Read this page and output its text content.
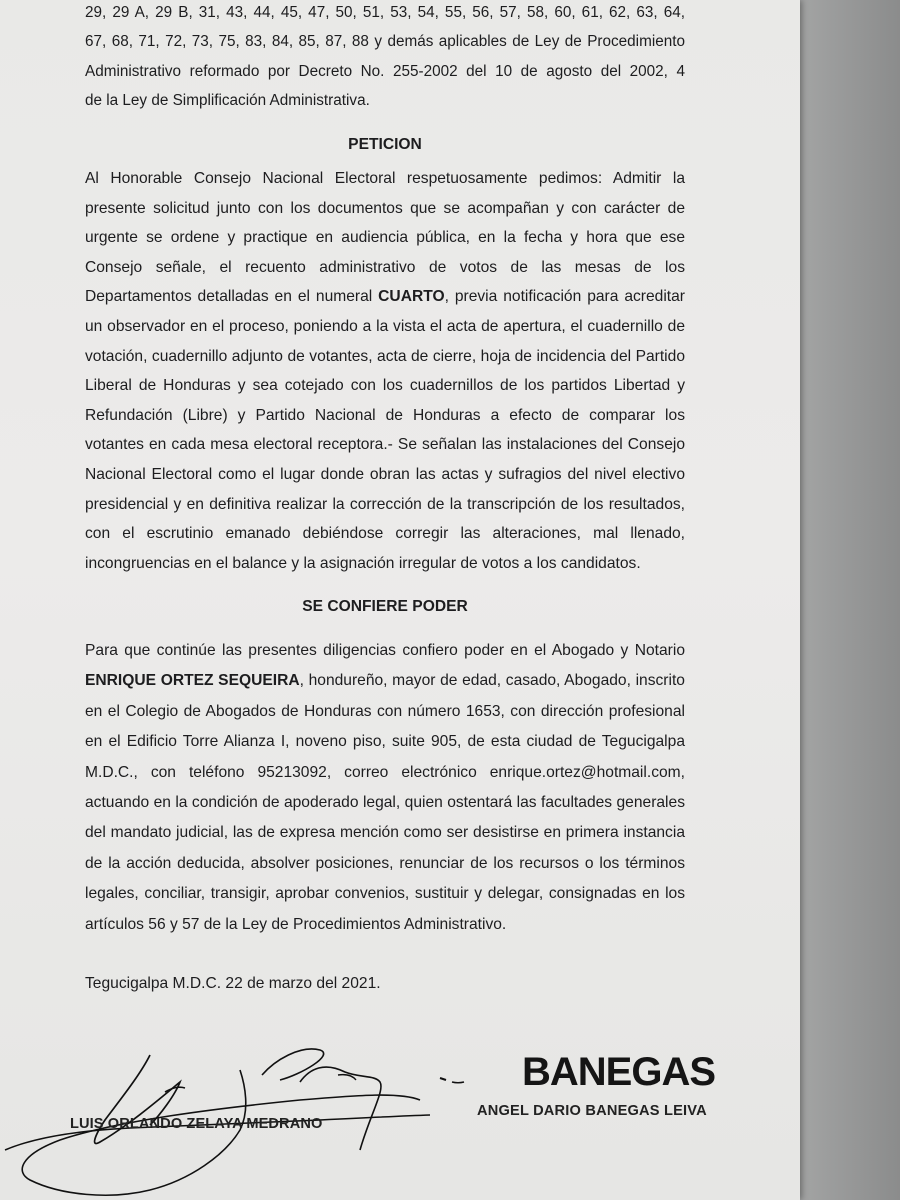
29, 29 A, 29 B, 31, 43, 44, 45, 47, 50, 51, 53, 54, 55, 56, 57, 58, 60, 61, 62, 63, 64,
67, 68, 71, 72, 73, 75, 83, 84, 85, 87, 88 y demás aplicables de Ley de Procedimiento
Administrativo reformado por Decreto No. 255-2002 del 10 de agosto del 2002, 4
de la Ley de Simplificación Administrativa.
PETICION

Al Honorable Consejo Nacional Electoral respetuosamente pedimos: Admitir la presente solicitud junto con los documentos que se acompañan y con carácter de urgente se ordene y practique en audiencia pública, en la fecha y hora que ese Consejo señale, el recuento administrativo de votos de las mesas de los Departamentos detalladas en el numeral CUARTO, previa notificación para acreditar un observador en el proceso, poniendo a la vista el acta de apertura, el cuadernillo de votación, cuadernillo adjunto de votantes, acta de cierre, hoja de incidencia del Partido Liberal de Honduras y sea cotejado con los cuadernillos de los partidos Libertad y Refundación (Libre) y Partido Nacional de Honduras a efecto de comparar los votantes en cada mesa electoral receptora.- Se señalan las instalaciones del Consejo Nacional Electoral como el lugar donde obran las actas y sufragios del nivel electivo presidencial y en definitiva realizar la corrección de la transcripción de los resultados, con el escrutinio emanado debiéndose corregir las alteraciones, mal llenado, incongruencias en el balance y la asignación irregular de votos a los candidatos.

SE CONFIERE PODER

Para que continúe las presentes diligencias confiero poder en el Abogado y Notario ENRIQUE ORTEZ SEQUEIRA, hondureño, mayor de edad, casado, Abogado, inscrito en el Colegio de Abogados de Honduras con número 1653, con dirección profesional en el Edificio Torre Alianza I, noveno piso, suite 905, de esta ciudad de Tegucigalpa M.D.C., con teléfono 95213092, correo electrónico enrique.ortez@hotmail.com, actuando en la condición de apoderado legal, quien ostentará las facultades generales del mandato judicial, las de expresa mención como ser desistirse en primera instancia de la acción deducida, absolver posiciones, renunciar de los recursos o los términos legales, conciliar, transigir, aprobar convenios, sustituir y delegar, consignadas en los artículos 56 y 57 de la Ley de Procedimientos Administrativo.

Tegucigalpa M.D.C. 22 de marzo del 2021.
LUIS ORLANDO ZELAYA MEDRANO
BANEGAS
ANGEL DARIO BANEGAS LEIVA
